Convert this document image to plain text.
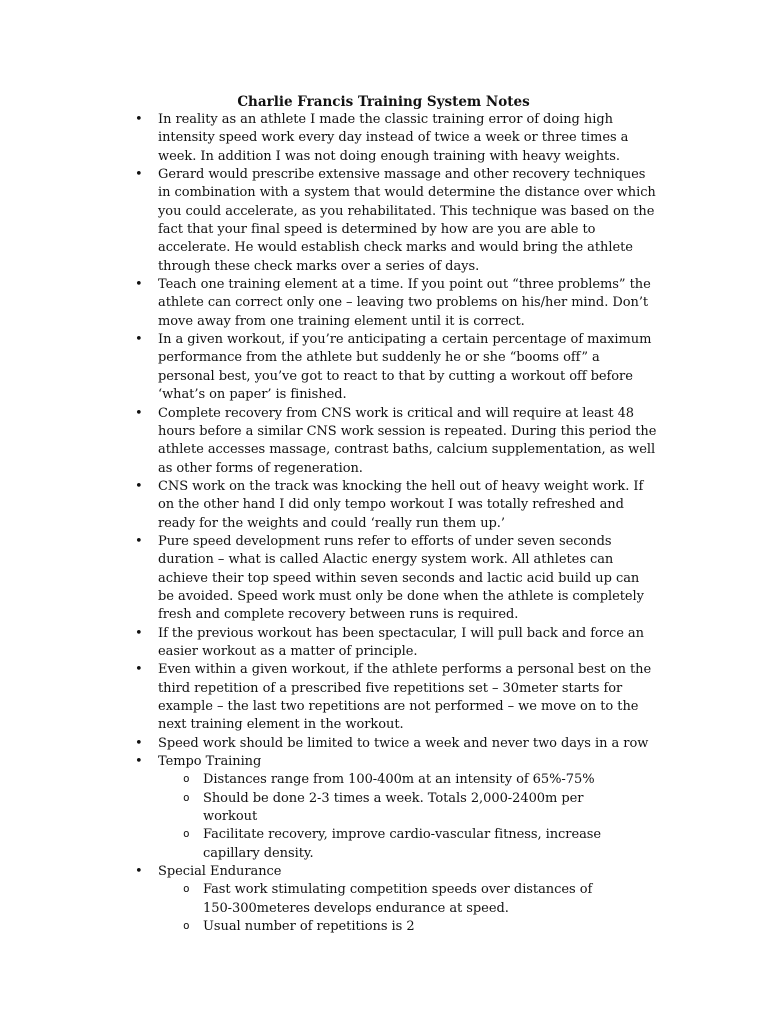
Charlie Francis Training System Notes
• In reality as an athlete I made the classic training error of doing high intensity speed work every day instead of twice a week or three times a week. In addition I was not doing enough training with heavy weights.
• Gerard would prescribe extensive massage and other recovery techniques in combination with a system that would determine the distance over which you could accelerate, as you rehabilitated. This technique was based on the fact that your final speed is determined by how are you are able to accelerate. He would establish check marks and would bring the athlete through these check marks over a series of days.
• Teach one training element at a time. If you point out “three problems” the athlete can correct only one – leaving two problems on his/her mind. Don’t move away from one training element until it is correct.
• In a given workout, if you’re anticipating a certain percentage of maximum performance from the athlete but suddenly he or she “booms off” a personal best, you’ve got to react to that by cutting a workout off before ‘what’s on paper’ is finished.
• Complete recovery from CNS work is critical and will require at least 48 hours before a similar CNS work session is repeated. During this period the athlete accesses massage, contrast baths, calcium supplementation, as well as other forms of regeneration.
• CNS work on the track was knocking the hell out of heavy weight work. If on the other hand I did only tempo workout I was totally refreshed and ready for the weights and could ‘really run them up.’
• Pure speed development runs refer to efforts of under seven seconds duration – what is called Alactic energy system work. All athletes can achieve their top speed within seven seconds and lactic acid build up can be avoided. Speed work must only be done when the athlete is completely fresh and complete recovery between runs is required.
• If the previous workout has been spectacular, I will pull back and force an easier workout as a matter of principle.
• Even within a given workout, if the athlete performs a personal best on the third repetition of a prescribed five repetitions set – 30meter starts for example – the last two repetitions are not performed – we move on to the next training element in the workout.
• Speed work should be limited to twice a week and never two days in a row
• Tempo Training
o Distances range from 100-400m at an intensity of 65%-75%
o Should be done 2-3 times a week. Totals 2,000-2400m per workout
o Facilitate recovery, improve cardio-vascular fitness, increase capillary density.
• Special Endurance
o Fast work stimulating competition speeds over distances of 150-300meteres develops endurance at speed.
o Usual number of repetitions is 2
